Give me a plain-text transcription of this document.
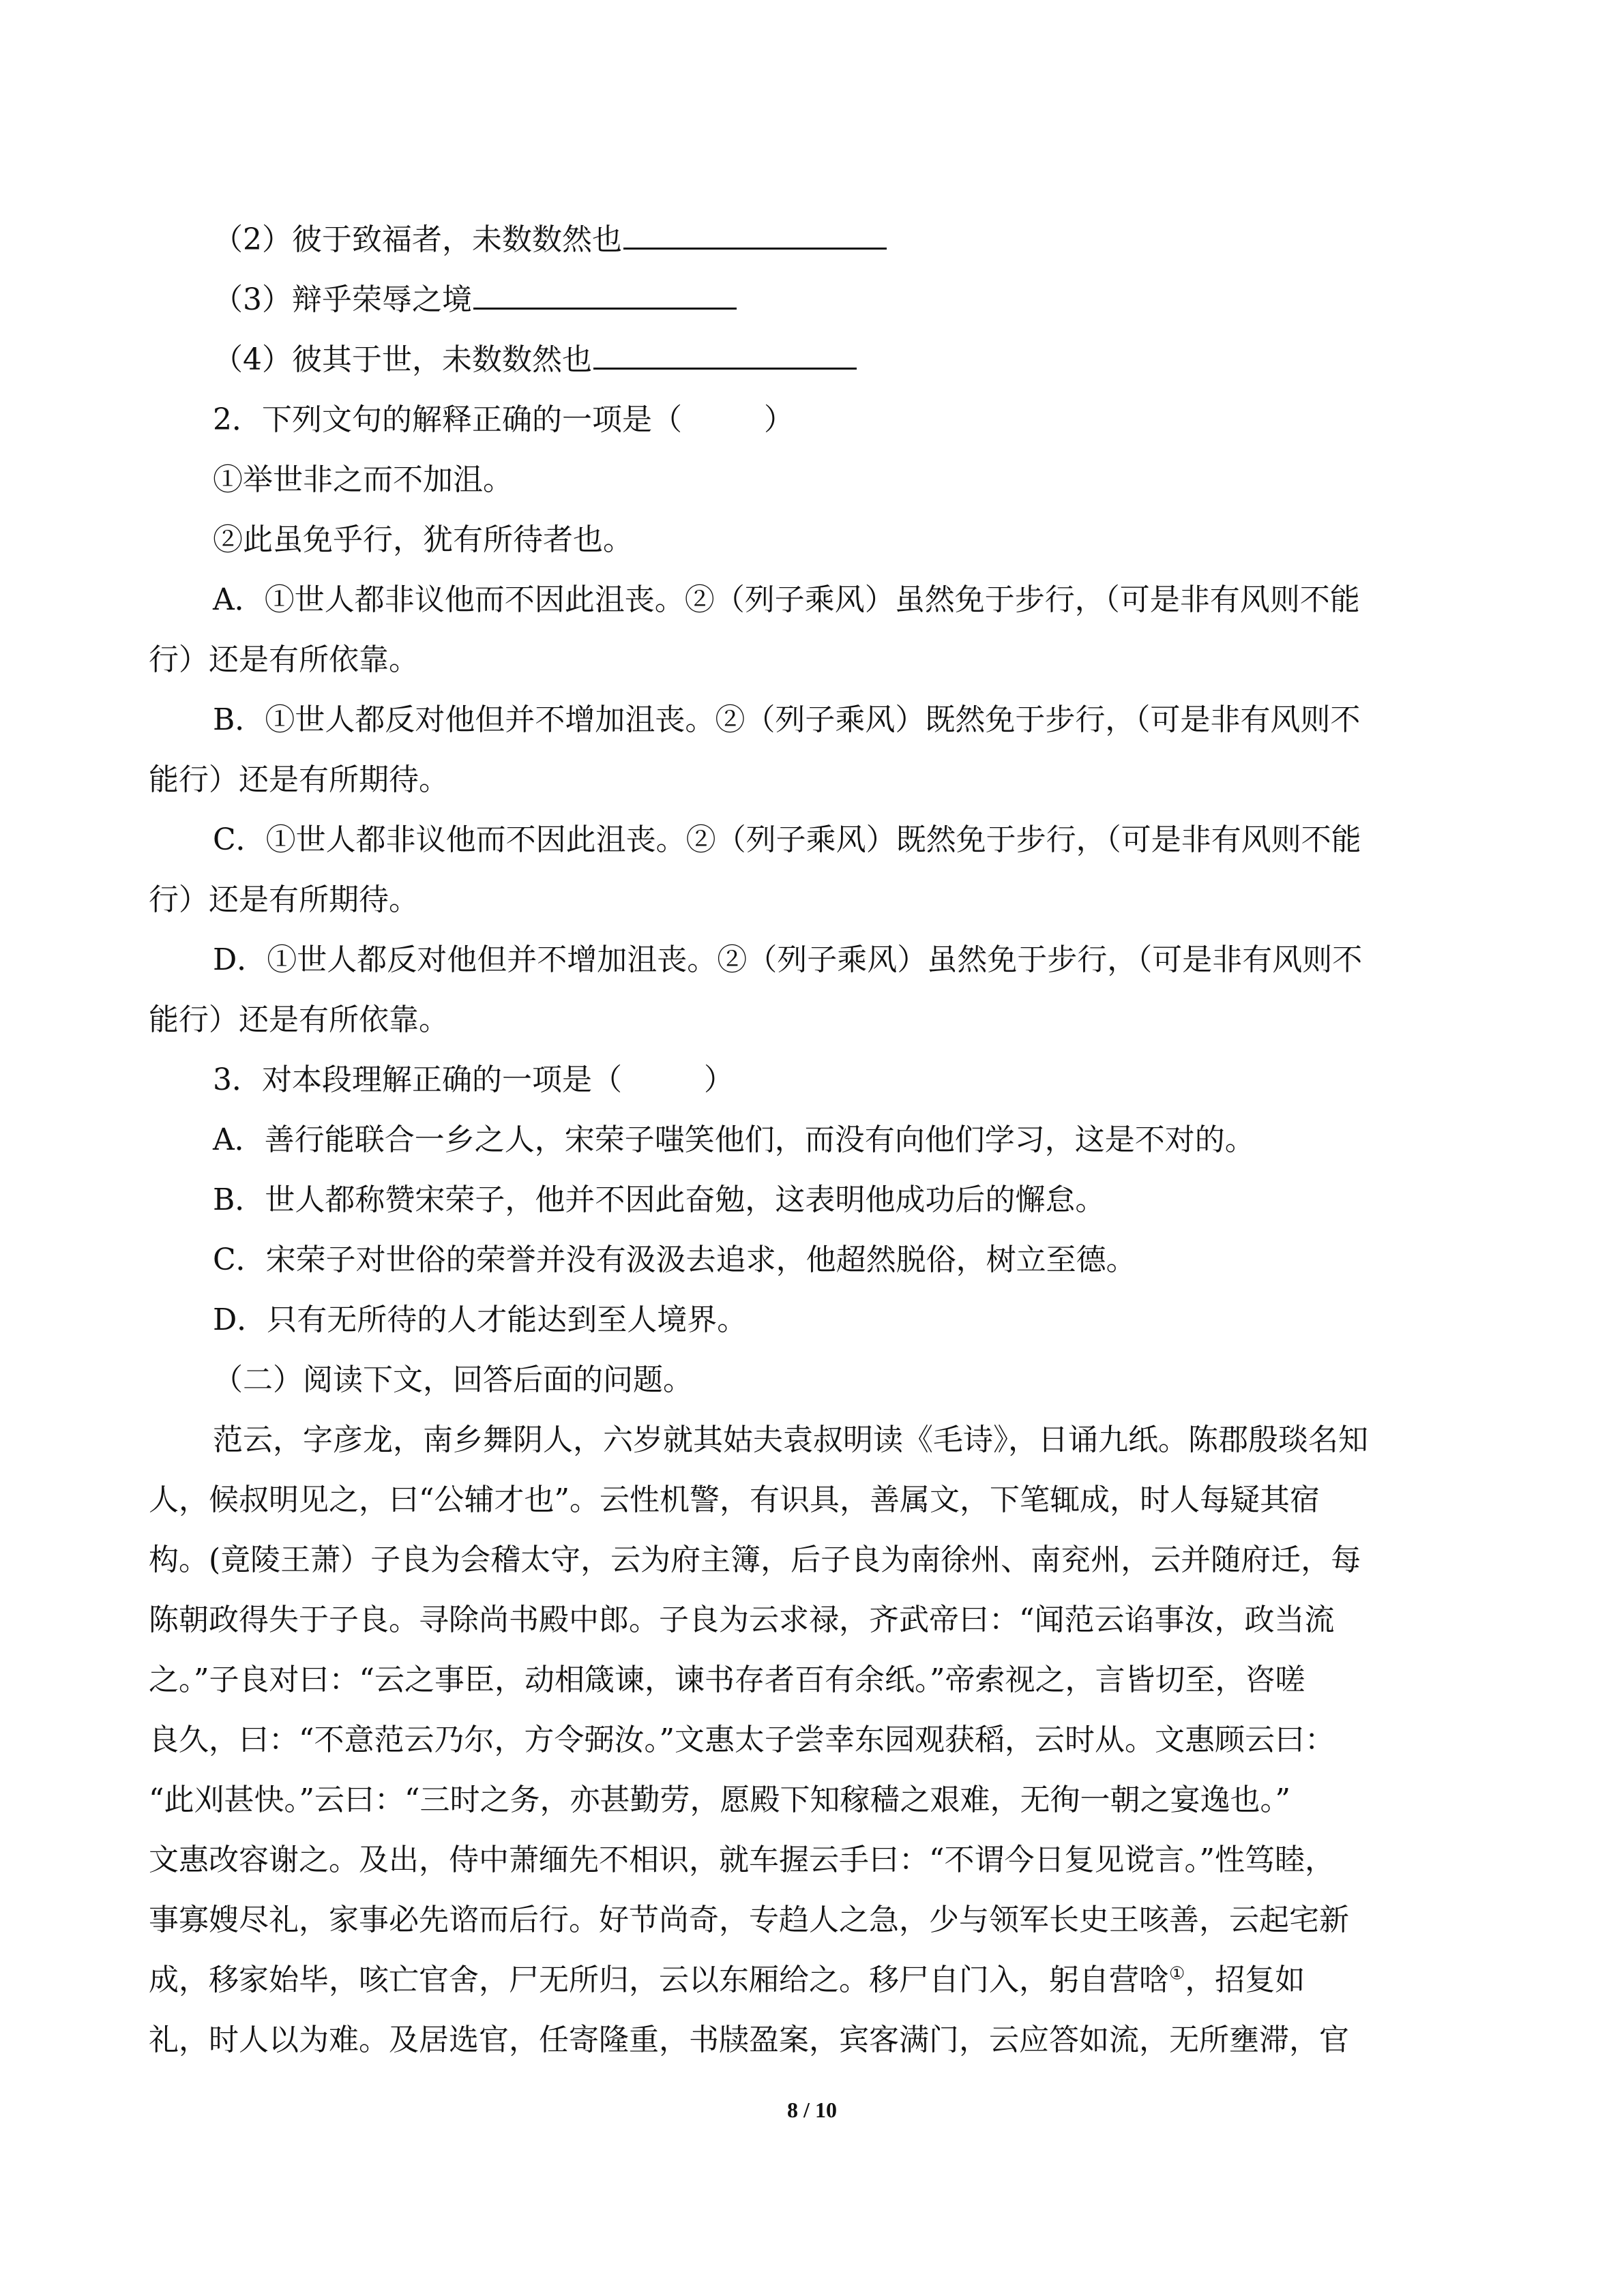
（2）彼于致福者，未数数然也
（3）辩乎荣辱之境
（4）彼其于世，未数数然也
2．下列文句的解释正确的一项是（	）
①举世非之而不加沮。
②此虽免乎行，犹有所待者也。
A．①世人都非议他而不因此沮丧。②（列子乘风）虽然免于步行，（可是非有风则不能
行）还是有所依靠。
B．①世人都反对他但并不增加沮丧。②（列子乘风）既然免于步行，（可是非有风则不
能行）还是有所期待。
C．①世人都非议他而不因此沮丧。②（列子乘风）既然免于步行，（可是非有风则不能
行）还是有所期待。
D．①世人都反对他但并不增加沮丧。②（列子乘风）虽然免于步行，（可是非有风则不
能行）还是有所依靠。
3．对本段理解正确的一项是（	）
A．善行能联合一乡之人，宋荣子嗤笑他们，而没有向他们学习，这是不对的。
B．世人都称赞宋荣子，他并不因此奋勉，这表明他成功后的懈怠。
C．宋荣子对世俗的荣誉并没有汲汲去追求，他超然脱俗，树立至德。
D．只有无所待的人才能达到至人境界。
（二）阅读下文，回答后面的问题。
范云，字彦龙，南乡舞阴人，六岁就其姑夫袁叔明读《毛诗》，日诵九纸。陈郡殷琰名知
人，候叔明见之，曰“公辅才也”。云性机警，有识具，善属文，下笔辄成，时人每疑其宿
构。(竟陵王萧）子良为会稽太守，云为府主簿，后子良为南徐州、南兖州，云并随府迁，每
陈朝政得失于子良。寻除尚书殿中郎。子良为云求禄，齐武帝曰：“闻范云谄事汝，政当流
之。”子良对曰：“云之事臣，动相箴谏，谏书存者百有余纸。”帝索视之，言皆切至，咨嗟
良久，曰：“不意范云乃尔，方令弼汝。”文惠太子尝幸东园观获稻，云时从。文惠顾云曰：
“此刈甚快。”云曰：“三时之务，亦甚勤劳，愿殿下知稼穑之艰难，无徇一朝之宴逸也。”
文惠改容谢之。及出，侍中萧缅先不相识，就车握云手曰：“不谓今日复见谠言。”性笃睦，
事寡嫂尽礼，家事必先谘而后行。好节尚奇，专趋人之急，少与领军长史王咳善，云起宅新
成，移家始毕，咳亡官舍，尸无所归，云以东厢给之。移尸自门入，躬自营唅①，招复如
礼，时人以为难。及居选官，任寄隆重，书牍盈案，宾客满门，云应答如流，无所壅滞，官
8 / 10
